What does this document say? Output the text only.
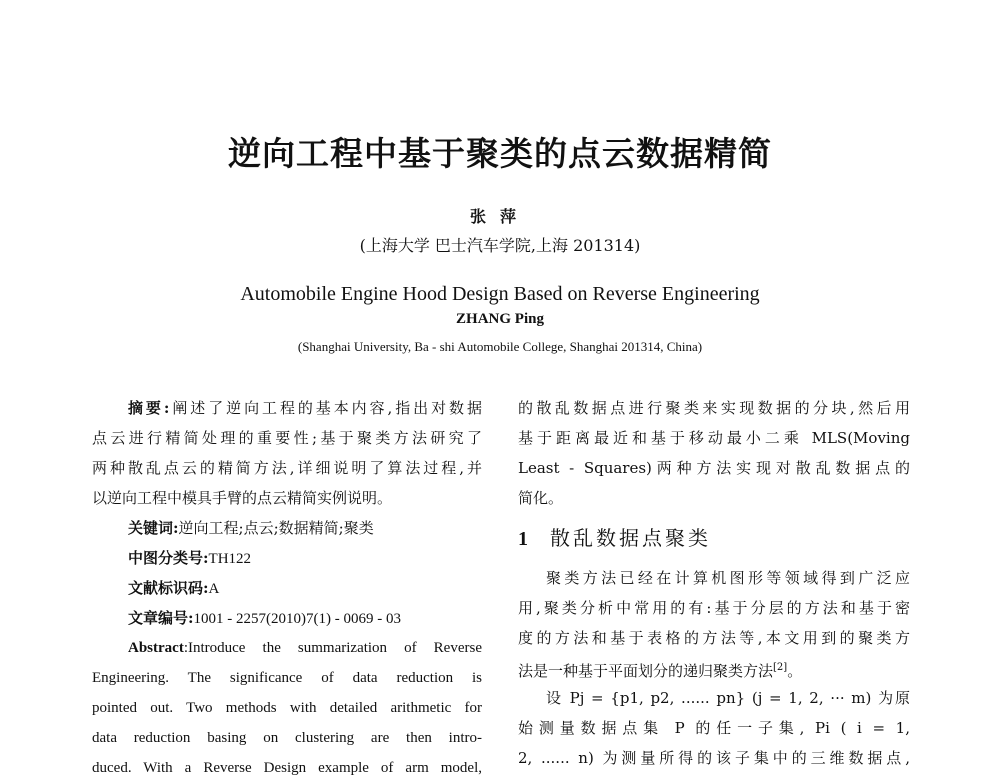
逆向工程中基于聚类的点云数据精简
张萍
(上海大学 巴士汽车学院,上海 201314)
Automobile Engine Hood Design Based on Reverse Engineering
ZHANG Ping
(Shanghai University, Ba - shi Automobile College, Shanghai 201314, China)
摘要:阐述了逆向工程的基本内容,指出对数据
点云进行精简处理的重要性;基于聚类方法研究了
两种散乱点云的精简方法,详细说明了算法过程,并
以逆向工程中模具手臂的点云精简实例说明。
关键词:逆向工程;点云;数据精简;聚类
中图分类号:TH122
文献标识码:A
文章编号:1001 - 2257(2010)7(1) - 0069 - 03
Abstract:Introduce the summarization of Reverse
Engineering. The significance of data reduction is
pointed out. Two methods with detailed arithmetic for
data reduction basing on clustering are then intro-
duced. With a Reverse Design example of arm model,
的散乱数据点进行聚类来实现数据的分块,然后用
基于距离最近和基于移动最小二乘 MLS(Moving
Least - Squares)两种方法实现对散乱数据点的
简化。
1 散乱数据点聚类
聚类方法已经在计算机图形等领域得到广泛应
用,聚类分析中常用的有:基于分层的方法和基于密
度的方法和基于表格的方法等,本文用到的聚类方
法是一种基于平面划分的递归聚类方法[2]。
设 Pj = {p1, p2, ...... pn} (j = 1, 2, ··· m) 为原
始测量数据点集 P 的任一子集, Pi ( i = 1,
2, ...... n) 为测量所得的该子集中的三维数据点,
